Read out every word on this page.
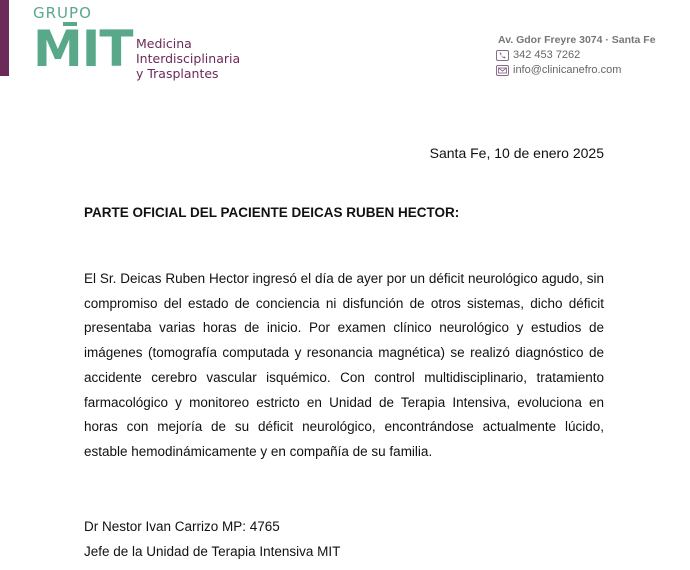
GRUPO
MIT Medicina
Interdisciplinaria
y Trasplantes
Av. Gdor Freyre 3074 · Santa Fe
342 453 7262
info@clinicanefro.com
Santa Fe, 10 de enero 2025
PARTE OFICIAL DEL PACIENTE DEICAS RUBEN HECTOR:

El Sr. Deicas Ruben Hector ingresó el día de ayer por un déficit neurológico agudo, sin compromiso del estado de conciencia ni disfunción de otros sistemas, dicho déficit presentaba varias horas de inicio. Por examen clínico neurológico y estudios de imágenes (tomografía computada y resonancia magnética) se realizó diagnóstico de accidente cerebro vascular isquémico. Con control multidisciplinario, tratamiento farmacológico y monitoreo estricto en Unidad de Terapia Intensiva, evoluciona en horas con mejoría de su déficit neurológico, encontrándose actualmente lúcido, estable hemodinámicamente y en compañía de su familia.

Dr Nestor Ivan Carrizo MP: 4765
Jefe de la Unidad de Terapia Intensiva MIT
